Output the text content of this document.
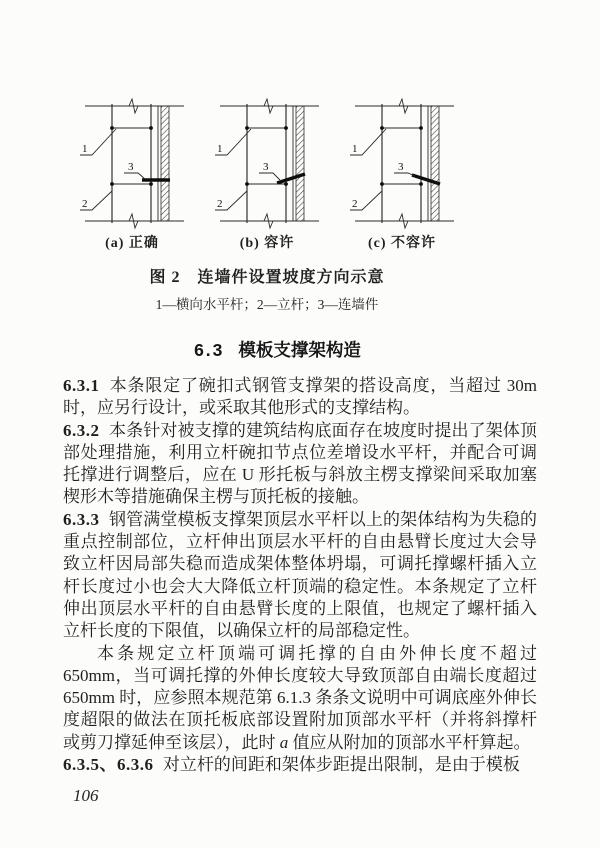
1
2
3
(a) 正确
1
2
3
(b) 容许
1
2
3
(c) 不容许
图 2　连墙件设置坡度方向示意
1—横向水平杆；2—立杆；3—连墙件
6.3 模板支撑架构造

6.3.1 本条限定了碗扣式钢管支撑架的搭设高度，当超过 30m 时，应另行设计，或采取其他形式的支撑结构。

6.3.2 本条针对被支撑的建筑结构底面存在坡度时提出了架体顶部处理措施，利用立杆碗扣节点位差增设水平杆，并配合可调托撑进行调整后，应在 U 形托板与斜放主楞支撑梁间采取加塞楔形木等措施确保主楞与顶托板的接触。

6.3.3 钢管满堂模板支撑架顶层水平杆以上的架体结构为失稳的重点控制部位，立杆伸出顶层水平杆的自由悬臂长度过大会导致立杆因局部失稳而造成架体整体坍塌，可调托撑螺杆插入立杆长度过小也会大大降低立杆顶端的稳定性。本条规定了立杆伸出顶层水平杆的自由悬臂长度的上限值，也规定了螺杆插入立杆长度的下限值，以确保立杆的局部稳定性。

本条规定立杆顶端可调托撑的自由外伸长度不超过 650mm，当可调托撑的外伸长度较大导致顶部自由端长度超过 650mm 时，应参照本规范第 6.1.3 条条文说明中可调底座外伸长度超限的做法在顶托板底部设置附加顶部水平杆（并将斜撑杆或剪刀撑延伸至该层），此时 a 值应从附加的顶部水平杆算起。

6.3.5、6.3.6 对立杆的间距和架体步距提出限制，是由于模板

106
